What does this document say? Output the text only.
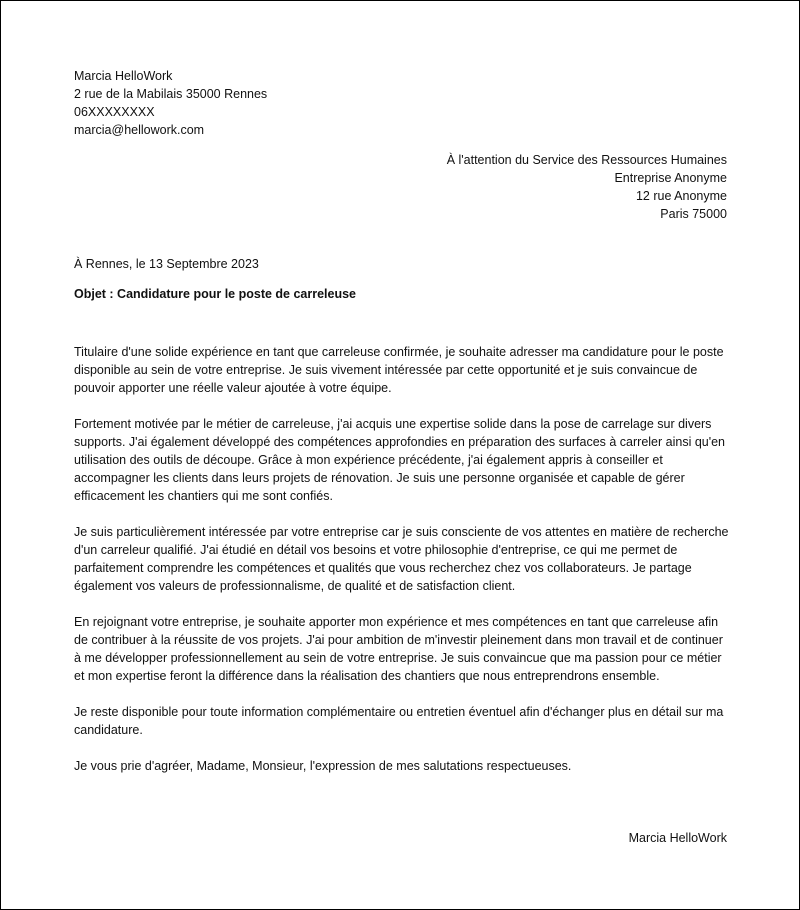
Marcia HelloWork
2 rue de la Mabilais 35000 Rennes
06XXXXXXXX
marcia@hellowork.com
À l'attention du Service des Ressources Humaines
Entreprise Anonyme
12 rue Anonyme
Paris 75000
À Rennes, le 13 Septembre 2023
Objet : Candidature pour le poste de carreleuse

Titulaire d'une solide expérience en tant que carreleuse confirmée, je souhaite adresser ma candidature pour le poste disponible au sein de votre entreprise. Je suis vivement intéressée par cette opportunité et je suis convaincue de pouvoir apporter une réelle valeur ajoutée à votre équipe.

Fortement motivée par le métier de carreleuse, j'ai acquis une expertise solide dans la pose de carrelage sur divers supports. J'ai également développé des compétences approfondies en préparation des surfaces à carreler ainsi qu'en utilisation des outils de découpe. Grâce à mon expérience précédente, j'ai également appris à conseiller et accompagner les clients dans leurs projets de rénovation. Je suis une personne organisée et capable de gérer efficacement les chantiers qui me sont confiés.

Je suis particulièrement intéressée par votre entreprise car je suis consciente de vos attentes en matière de recherche d'un carreleur qualifié. J'ai étudié en détail vos besoins et votre philosophie d'entreprise, ce qui me permet de parfaitement comprendre les compétences et qualités que vous recherchez chez vos collaborateurs. Je partage également vos valeurs de professionnalisme, de qualité et de satisfaction client.

En rejoignant votre entreprise, je souhaite apporter mon expérience et mes compétences en tant que carreleuse afin de contribuer à la réussite de vos projets. J'ai pour ambition de m'investir pleinement dans mon travail et de continuer à me développer professionnellement au sein de votre entreprise. Je suis convaincue que ma passion pour ce métier et mon expertise feront la différence dans la réalisation des chantiers que nous entreprendrons ensemble.

Je reste disponible pour toute information complémentaire ou entretien éventuel afin d'échanger plus en détail sur ma candidature.

Je vous prie d'agréer, Madame, Monsieur, l'expression de mes salutations respectueuses.

Marcia HelloWork
